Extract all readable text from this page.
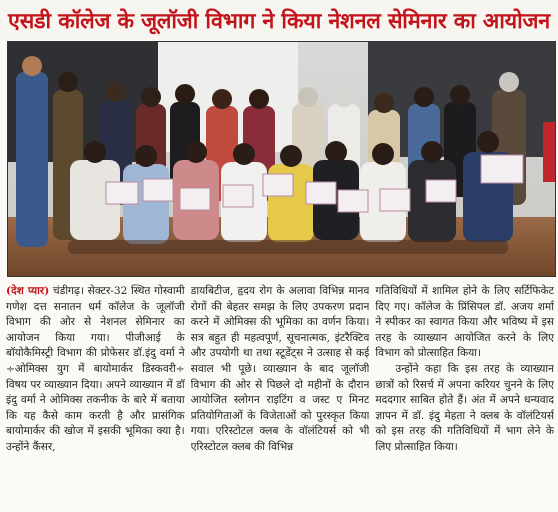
एसडी कॉलेज के जूलॉजी विभाग ने किया नेशनल सेमिनार का आयोजन
(देश प्यार) चंडीगढ़। सेक्टर-32 स्थित गोस्वामी गणेश दत्त सनातन धर्म कॉलेज के जूलॉजी विभाग की ओर से नेशनल सेमिनार का आयोजन किया गया। पीजीआई के बॉयोकैमिस्ट्री विभाग की प्रोफेसर डॉ.इंदु वर्मा ने ÷ओमिक्स युग में बायोमार्कर डिस्कवरी÷ विषय पर व्याख्यान दिया। अपने व्याख्यान में डॉ इंदु वर्मा ने ओमिक्स तकनीक के बारे में बताया कि यह कैसे काम करती है और प्रासंगिक बायोमार्कर की खोज में इसकी भूमिका क्या है। उन्होंने कैंसर,
डायबिटीज, हृदय रोग के अलावा विभिन्न मानव रोगों की बेहतर समझ के लिए उपकरण प्रदान करने में ओमिक्स की भूमिका का वर्णन किया। सत्र बहुत ही महत्वपूर्ण, सूचनात्मक, इंटरैक्टिव और उपयोगी था तथा स्टूडेंट्स ने उत्साह से कई सवाल भी पूछे। व्याख्यान के बाद जूलॉजी विभाग की ओर से पिछले दो महीनों के दौरान आयोजित स्लोगन राइटिंग व जस्ट ए मिनट प्रतियोगिताओं के विजेताओं को पुरस्कृत किया गया। एरिस्टोटल क्लब के वॉलंटियर्स को भी एरिस्टोटल क्लब की विभिन्न
गतिविधियों में शामिल होने के लिए सर्टिफिकेट दिए गए। कॉलेज के प्रिंसिपल डॉ. अजय शर्मा ने स्पीकर का स्वागत किया और भविष्य में इस तरह के व्याख्यान आयोजित करने के लिए विभाग को प्रोत्साहित किया।
उन्होंने कहा कि इस तरह के व्याख्यान छात्रों को रिसर्च में अपना करियर चुनने के लिए मददगार साबित होते हैं। अंत में अपने धन्यवाद ज्ञापन में डॉ. इंदु मेहता ने क्लब के वॉलंटियर्स को इस तरह की गतिविधियों में भाग लेने के लिए प्रोत्साहित किया।
